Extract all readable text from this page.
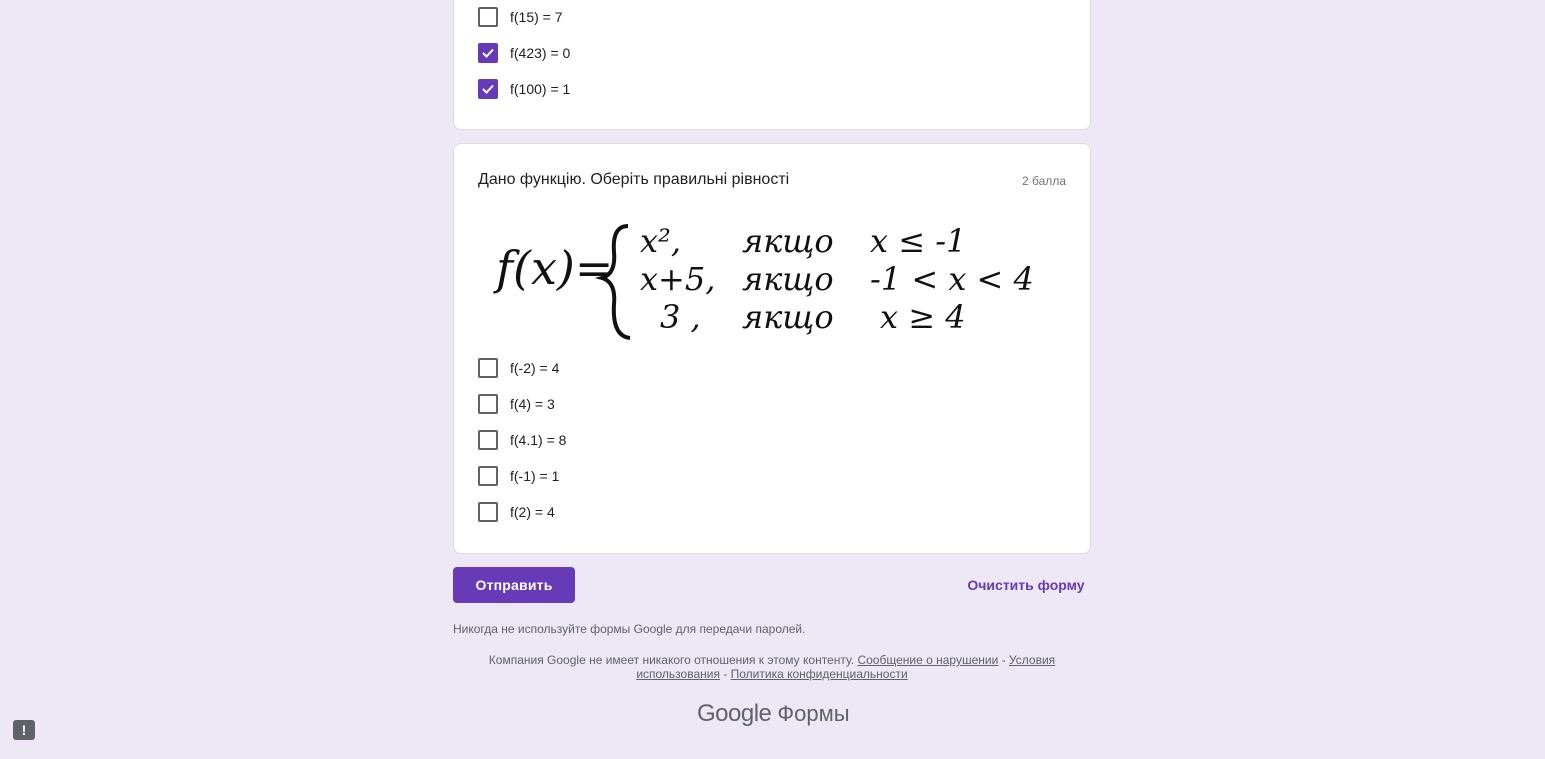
f(15) = 7
f(423) = 0
f(100) = 1
Дано функцію. Оберіть правильні рівності	2 балла
f(x)= x², якщо x ≤ -1
x+5, якщо -1 < x < 4
3 , якщо x ≥ 4
f(-2) = 4
f(4) = 3
f(4.1) = 8
f(-1) = 1
f(2) = 4
Отправить	Очистить форму
Никогда не используйте формы Google для передачи паролей.
Компания Google не имеет никакого отношения к этому контенту. Сообщение о нарушении - Условия использования - Политика конфиденциальности
Google Формы
!
